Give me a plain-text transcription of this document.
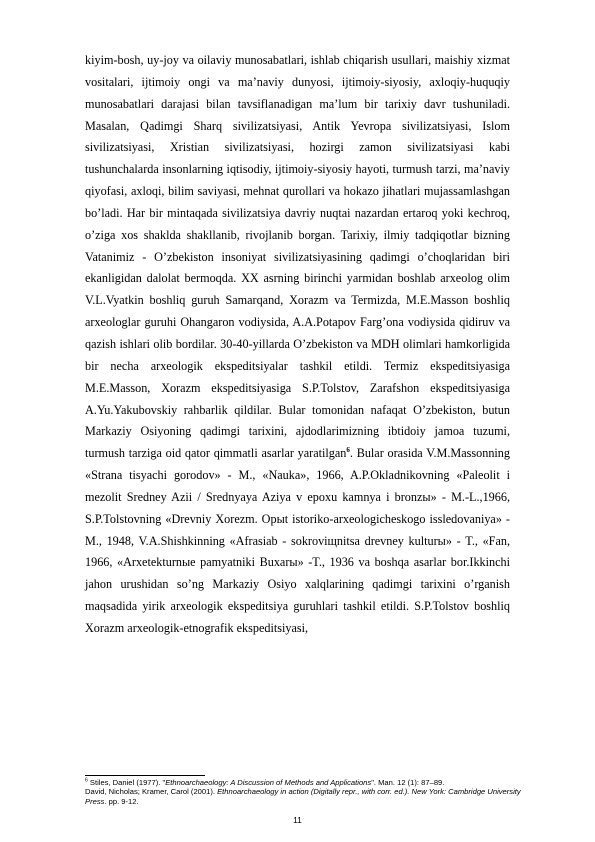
kiyim-bosh, uy-joy va oilaviy munosabatlari, ishlab chiqarish usullari, maishiy xizmat vositalari, ijtimoiy ongi va ma’naviy dunyosi, ijtimoiy-siyosiy, axloqiy-huquqiy munosabatlari darajasi bilan tavsiflanadigan ma’lum bir tarixiy davr tushuniladi. Masalan, Qadimgi Sharq sivilizatsiyasi, Antik Yevropa sivilizatsiyasi, Islom sivilizatsiyasi, Xristian sivilizatsiyasi, hozirgi zamon sivilizatsiyasi kabi tushunchalarda insonlarning iqtisodiy, ijtimoiy-siyosiy hayoti, turmush tarzi, ma’naviy qiyofasi, axloqi, bilim saviyasi, mehnat qurollari va hokazo jihatlari mujassamlashgan bo’ladi. Har bir mintaqada sivilizatsiya davriy nuqtai nazardan ertaroq yoki kechroq, o’ziga xos shaklda shakllanib, rivojlanib borgan. Tarixiy, ilmiy tadqiqotlar bizning Vatanimiz - O’zbekiston insoniyat sivilizatsiyasining qadimgi o’choqlaridan biri ekanligidan dalolat bermoqda. XX asrning birinchi yarmidan boshlab arxeolog olim V.L.Vyatkin boshliq guruh Samarqand, Xorazm va Termizda, M.E.Masson boshliq arxeologlar guruhi Ohangaron vodiysida, A.A.Potapov Farg’ona vodiysida qidiruv va qazish ishlari olib bordilar. 30-40-yillarda O’zbekiston va MDH olimlari hamkorligida bir necha arxeologik ekspeditsiyalar tashkil etildi. Termiz ekspeditsiyasiga M.E.Masson, Xorazm ekspeditsiyasiga S.P.Tolstov, Zarafshon ekspeditsiyasiga A.Yu.Yakubovskiy rahbarlik qildilar. Bular tomonidan nafaqat O’zbekiston, butun Markaziy Osiyoning qadimgi tarixini, ajdodlarimizning ibtidoiy jamoa tuzumi, turmush tarziga oid qator qimmatli asarlar yaratilgan$^6$. Bular orasida V.M.Massonning «Strana tisyachi gorodov» - M., «Nauka», 1966, A.P.Okladnikovning «Paleolit i mezolit Sredney Azii / Srednyaya Aziya v epoxu kamnya i bronzы» - M.-L.,1966, S.P.Tolstovning «Drevniy Xorezm. Opыt istoriko-arxeologicheskogo issledovaniya» -M., 1948, V.A.Shishkinning «Afrasiab - sokroviщnitsa drevney kulturы» - T., «Fan, 1966, «Arxetekturnыe pamyatniki Buxarы» -T., 1936 va boshqa asarlar bor.Ikkinchi jahon urushidan so’ng Markaziy Osiyo xalqlarining qadimgi tarixini o’rganish maqsadida yirik arxeologik ekspeditsiya guruhlari tashkil etildi. S.P.Tolstov boshliq Xorazm arxeologik-etnografik ekspeditsiyasi,

$^6$ Stiles, Daniel (1977). "Ethnoarchaeology: A Discussion of Methods and Applications". Man. 12 (1): 87–89.

David, Nicholas; Kramer, Carol (2001). Ethnoarchaeology in action (Digitally repr., with corr. ed.). New York: Cambridge University Press. pp. 9-12.

11
